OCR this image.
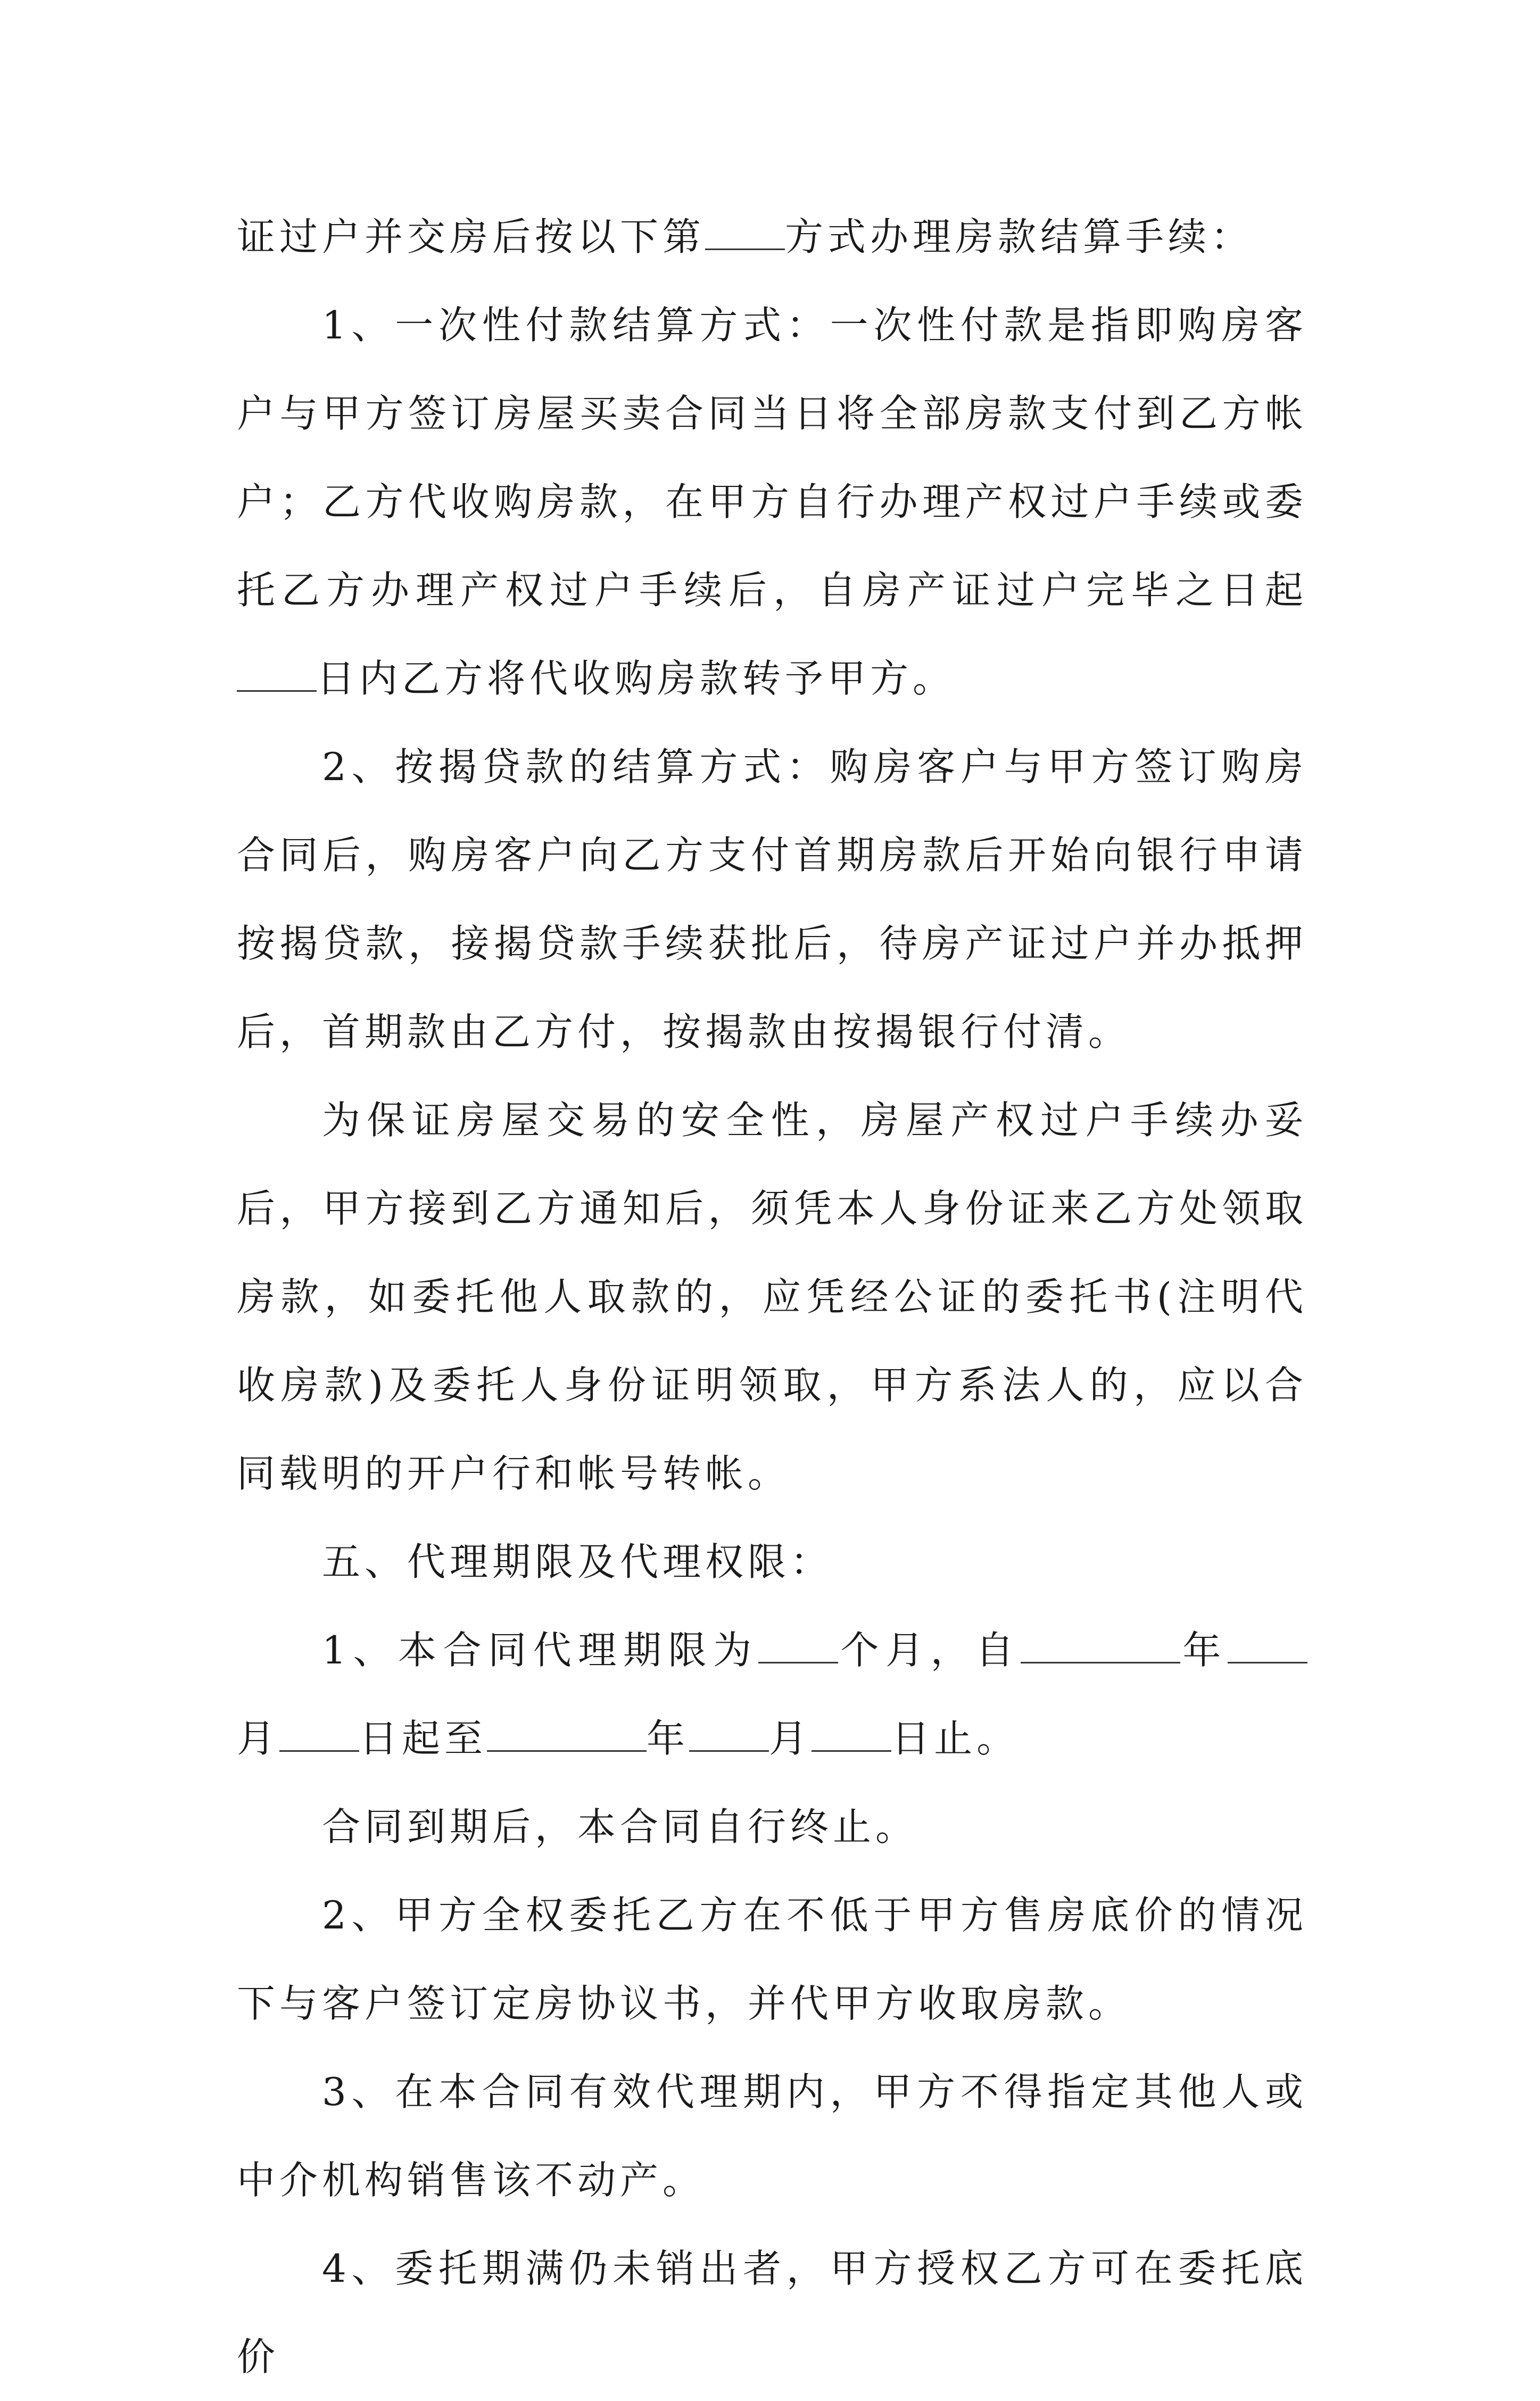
证过户并交房后按以下第 方式办理房款结算手续：

1、一次性付款结算方式：一次性付款是指即购房客户与甲方签订房屋买卖合同当日将全部房款支付到乙方帐户；乙方代收购房款，在甲方自行办理产权过户手续或委托乙方办理产权过户手续后，自房产证过户完毕之日起日内乙方将代收购房款转予甲方。

2、按揭贷款的结算方式：购房客户与甲方签订购房合同后，购房客户向乙方支付首期房款后开始向银行申请按揭贷款，接揭贷款手续获批后，待房产证过户并办抵押后，首期款由乙方付，按揭款由按揭银行付清。

为保证房屋交易的安全性，房屋产权过户手续办妥后，甲方接到乙方通知后，须凭本人身份证来乙方处领取房款，如委托他人取款的，应凭经公证的委托书(注明代收房款)及委托人身份证明领取，甲方系法人的，应以合同载明的开户行和帐号转帐。

五、代理期限及代理权限：

1、本合同代理期限为 个月，自	年月 日起至	年 月 日止。

合同到期后，本合同自行终止。

2、甲方全权委托乙方在不低于甲方售房底价的情况下与客户签订定房协议书，并代甲方收取房款。

3、在本合同有效代理期内，甲方不得指定其他人或中介机构销售该不动产。

4、委托期满仍未销出者，甲方授权乙方可在委托底价
